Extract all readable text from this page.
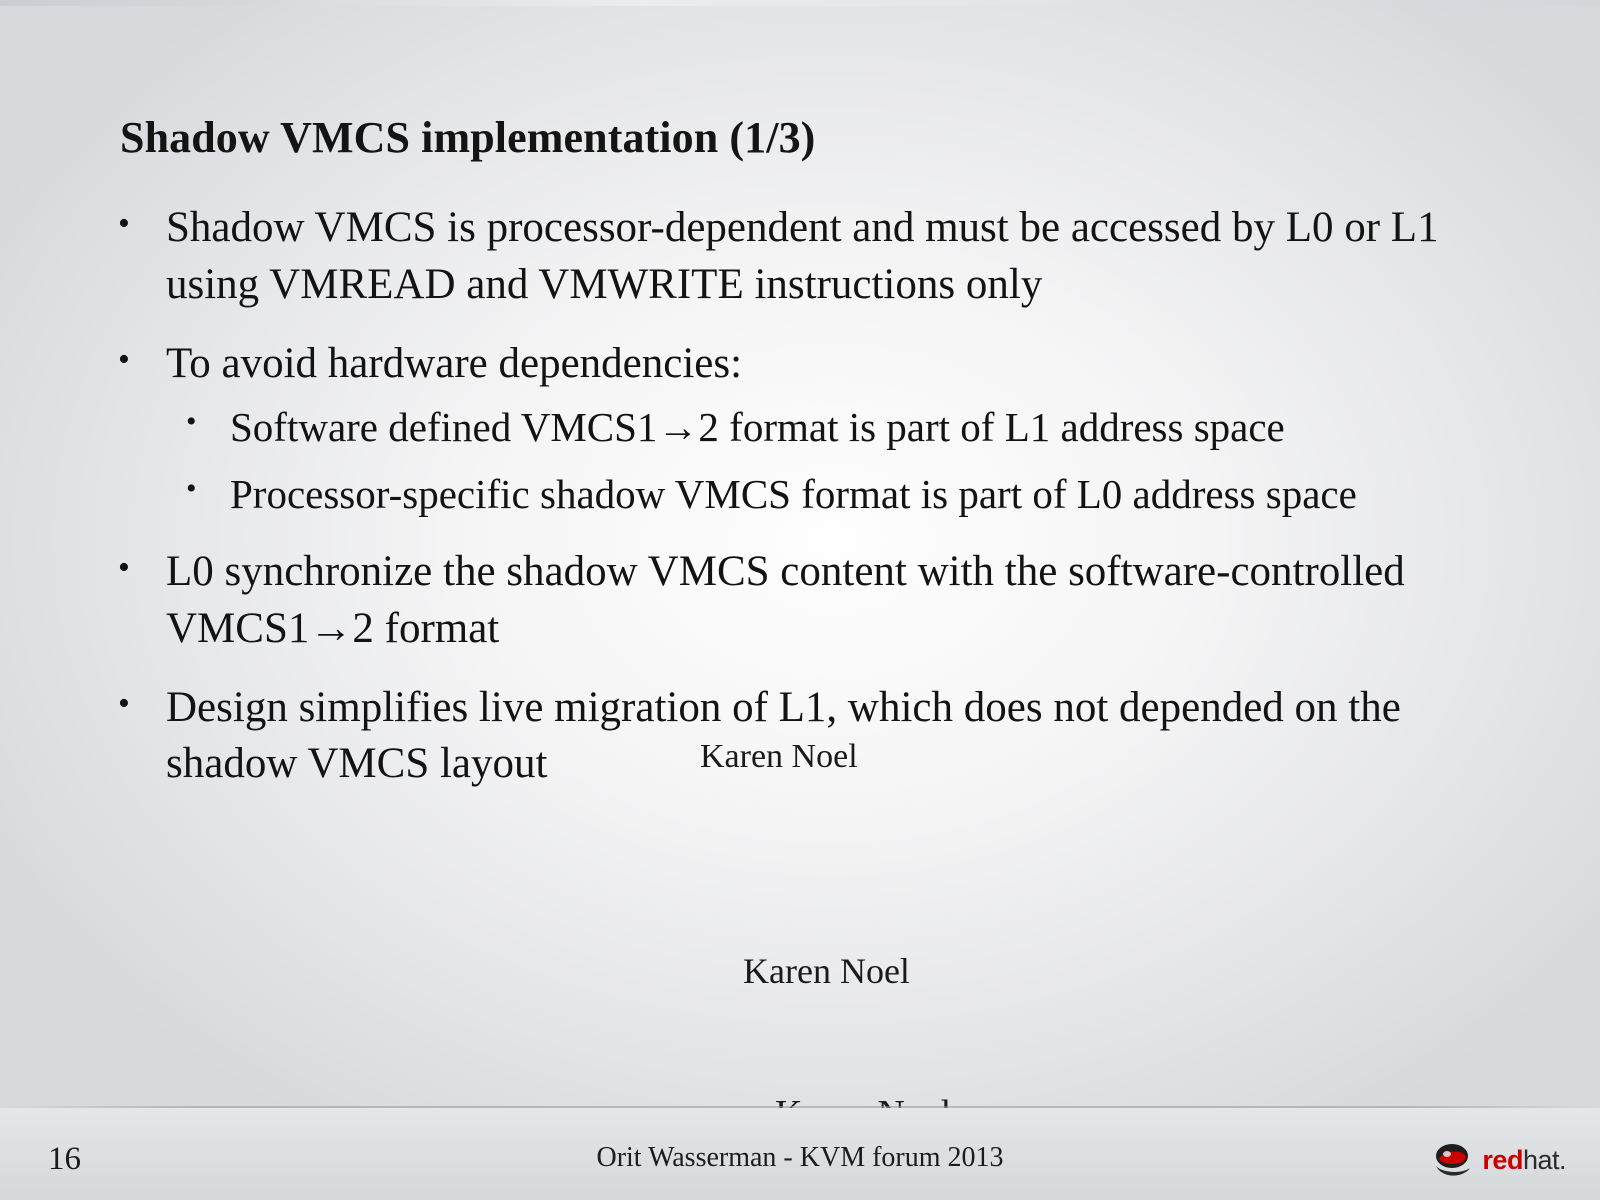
Shadow VMCS implementation (1/3)
• Shadow VMCS is processor-dependent and must be accessed by L0 or L1 using VMREAD and VMWRITE instructions only
• To avoid hardware dependencies:
• Software defined VMCS1→2 format is part of L1 address space
• Processor-specific shadow VMCS format is part of L0 address space
• L0 synchronize the shadow VMCS content with the software-controlled VMCS1→2 format
• Design simplifies live migration of L1, which does not depended on the shadow VMCS layout	Karen Noel
Karen Noel
16	Orit Wasserman - KVM forum 2013	redhat.
